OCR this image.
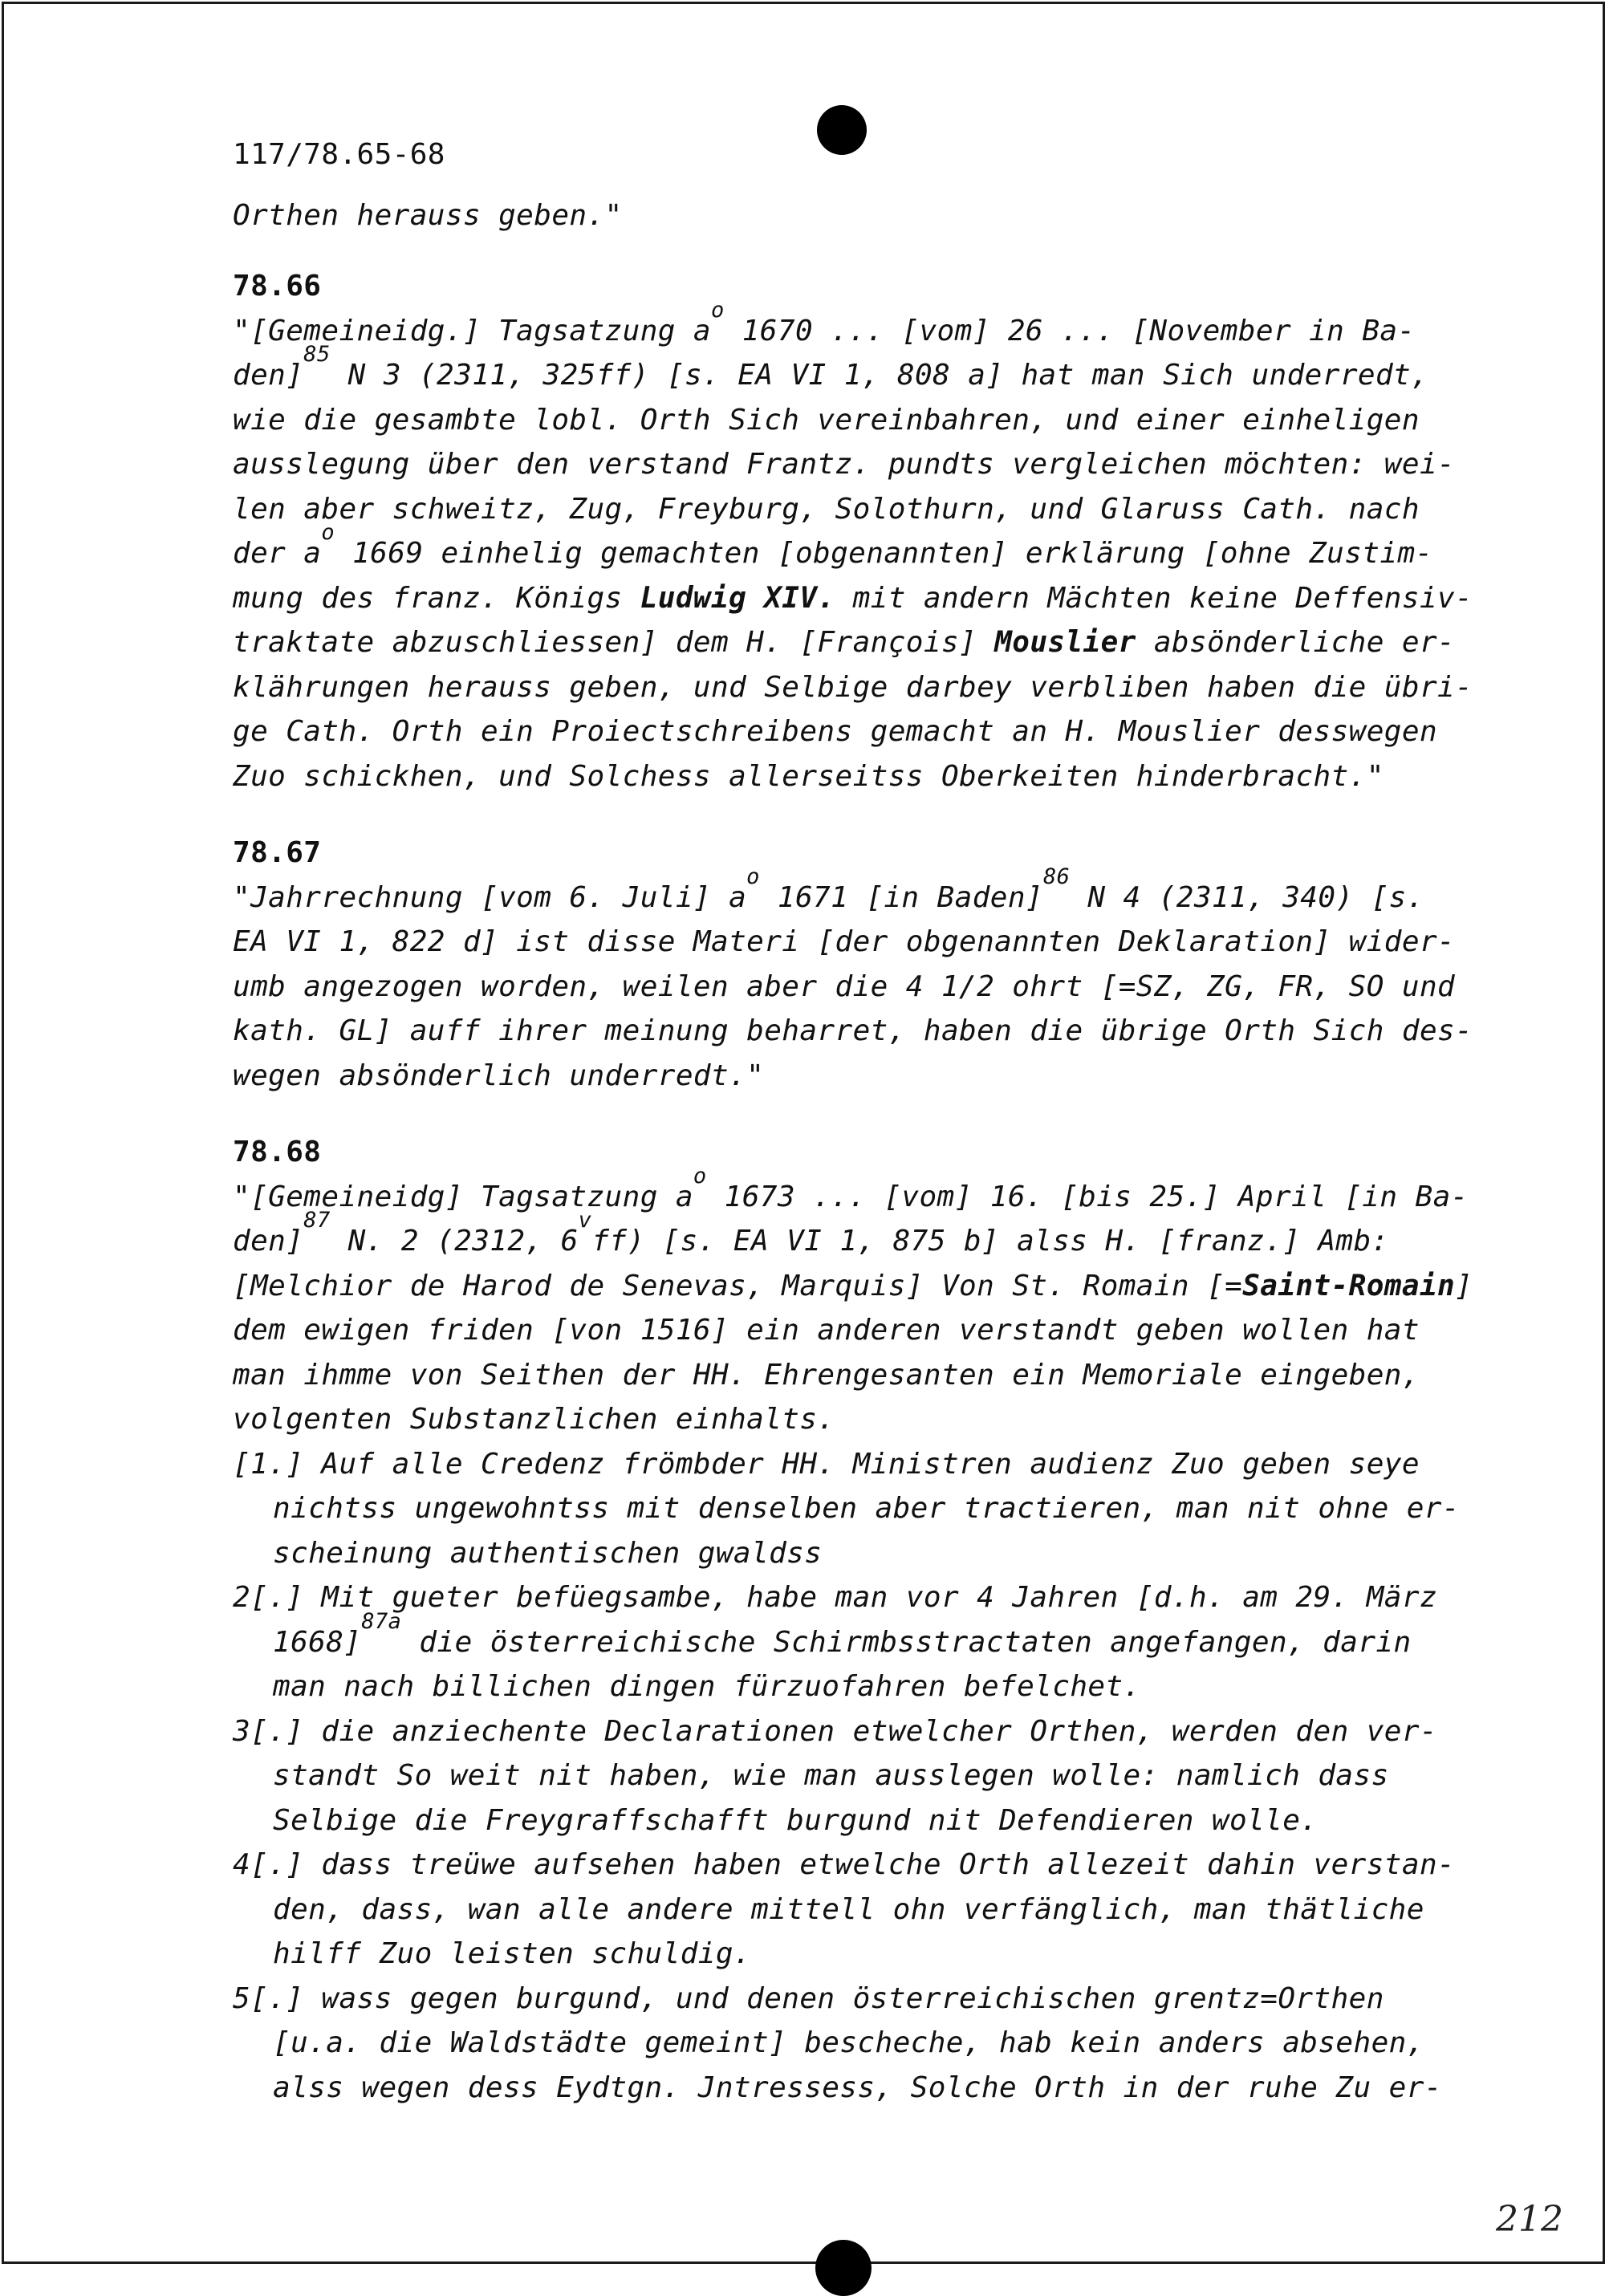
117/78.65-68
Orthen herauss geben."
78.66
"[Gemeineidg.] Tagsatzung $a^o$ 1670 ... [vom] 26 ... [November in Ba-
den]$^{85}$ N 3 (2311, 325ff) [s. EA VI 1, 808 a] hat man Sich underredt,
wie die gesambte lobl. Orth Sich vereinbahren, und einer einheligen
ausslegung über den verstand Frantz. pundts vergleichen möchten: wei-
len aber schweitz, Zug, Freyburg, Solothurn, und Glaruss Cath. nach
der $a^o$ 1669 einhelig gemachten [obgenannten] erklärung [ohne Zustim-
mung des franz. Königs Ludwig XIV. mit andern Mächten keine Deffensiv-
traktate abzuschliessen] dem H. [François] Mouslier absönderliche er-
klährungen herauss geben, und Selbige darbey verbliben haben die übri-
ge Cath. Orth ein Proiectschreibens gemacht an H. Mouslier desswegen
Zuo schickhen, und Solchess allerseitss Oberkeiten hinderbracht."
78.67
"Jahrrechnung [vom 6. Juli] $a^o$ 1671 [in Baden]$^{86}$ N 4 (2311, 340) [s.
EA VI 1, 822 d] ist disse Materi [der obgenannten Deklaration] wider-
umb angezogen worden, weilen aber die 4 1/2 ohrt [=SZ, ZG, FR, SO und
kath. GL] auff ihrer meinung beharret, haben die übrige Orth Sich des-
wegen absönderlich underredt."
78.68
"[Gemeineidg] Tagsatzung $a^o$ 1673 ... [vom] 16. [bis 25.] April [in Ba-
den]$^{87}$ N. 2 (2312, 6$^v$ff) [s. EA VI 1, 875 b] alss H. [franz.] Amb:
[Melchior de Harod de Senevas, Marquis] Von St. Romain [=Saint-Romain]
dem ewigen friden [von 1516] ein anderen verstandt geben wollen hat
man ihmme von Seithen der HH. Ehrengesanten ein Memoriale eingeben,
volgenten Substanzlichen einhalts.
[1.] Auf alle Credenz frömbder HH. Ministren audienz Zuo geben seye
nichtss ungewohntss mit denselben aber tractieren, man nit ohne er-
scheinung authentischen gwaldss
2[.] Mit gueter befüegsambe, habe man vor 4 Jahren [d.h. am 29. März
1668]$^{87a}$ die österreichische Schirmbsstractaten angefangen, darin
man nach billichen dingen fürzuofahren befelchet.
3[.] die anziechente Declarationen etwelcher Orthen, werden den ver-
standt So weit nit haben, wie man ausslegen wolle: namlich dass
Selbige die Freygraffschafft burgund nit Defendieren wolle.
4[.] dass treüwe aufsehen haben etwelche Orth allezeit dahin verstan-
den, dass, wan alle andere mittell ohn verfänglich, man thätliche
hilff Zuo leisten schuldig.
5[.] wass gegen burgund, und denen österreichischen grentz=Orthen
[u.a. die Waldstädte gemeint] bescheche, hab kein anders absehen,
alss wegen dess Eydtgn. Jntressess, Solche Orth in der ruhe Zu er-
212
